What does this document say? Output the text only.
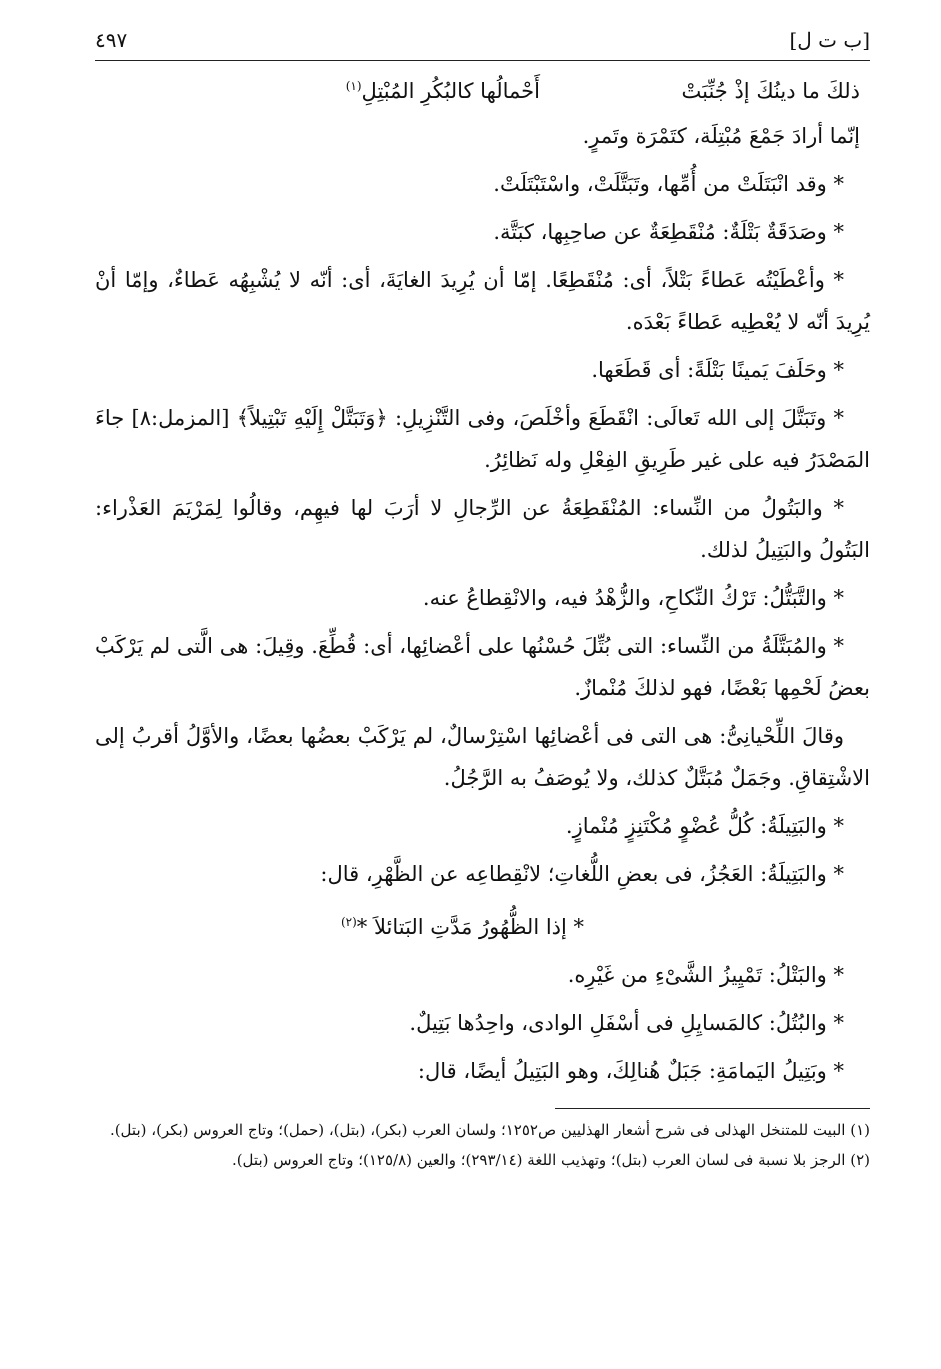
[ب ت ل]
٤٩٧
ذلكَ ما دينُكَ إذْ جُنِّبَتْ
أَحْمالُها كالبُكُرِ المُبْتِلِ$^{(١)}$

إنّما أرادَ جَمْعَ مُبْتِلَة، كتَمْرَة وتَمرٍ.

* وقد انْبَتَلَتْ من أُمِّها، وتَبَتَّلَتْ، واسْتَبْتَلَتْ.

* وصَدَقَةٌ بَتْلَةٌ: مُنْقَطِعَةٌ عن صاحِبِها، كبَتَّة.

* وأعْطَيْتُه عَطاءً بَتْلاً، أى: مُنْقَطِعًا. إمّا أن يُرِيدَ الغايَةَ، أى: أنّه لا يُشْبِهُه عَطاءٌ، وإمّا أنْ يُرِيدَ أنّه لا يُعْطِيه عَطاءً بَعْدَه.

* وحَلَفَ يَمينًا بَتْلَةً: أى قَطَعَها.

* وتَبَتَّلَ إلى الله تَعالَى: انْقَطَعَ وأخْلَصَ، وفى التَّنْزِيلِ: ﴿وَتَبَتَّلْ إِلَيْهِ تَبْتِيلاً﴾ [المزمل:٨] جاءَ المَصْدَرُ فيه على غير طَرِيقِ الفِعْلِ وله نَظائِرُ.

* والبَتُولُ من النِّساء: المُنْقَطِعَةُ عن الرِّجالِ لا أرَبَ لها فيهِم، وقالُوا لِمَرْيَمَ العَذْراء: البَتُولُ والبَتِيلُ لذلك.

* والتَّبَتُّلُ: تَرْكُ النِّكاحِ، والزُّهْدُ فيه، والانْقِطاعُ عنه.

* والمُبَتَّلَةُ من النِّساء: التى بُتِّلَ حُسْنُها على أعْضائِها، أى: قُطِّعَ. وقِيلَ: هى الَّتى لم يَرْكَبْ بعضُ لَحْمِها بَعْضًا، فهو لذلكَ مُنْمازٌ.

وقالَ اللِّحْيانِىُّ: هى التى فى أعْضائِها اسْتِرْسالٌ، لم يَرْكَبْ بعضُها بعضًا، والأوَّلُ أقربُ إلى الاشْتِقاقِ. وجَمَلٌ مُبَتَّلٌ كذلك، ولا يُوصَفُ به الرَّجُلُ.

* والبَتِيلَةُ: كُلُّ عُضْوٍ مُكْتَنِزٍ مُنْمازٍ.

* والبَتِيلَةُ: العَجُزُ، فى بعضِ اللُّغاتِ؛ لانْقِطاعِه عن الظَّهْرِ، قال:

* إذا الظُّهُورُ مَدَّتِ البَتائلاَ *$^{(٢)}$

* والبَتْلُ: تَمْيِيزُ الشَّىْءِ من غَيْرِه.

* والبُتُلُ: كالمَسايِلِ فى أسْفَلِ الوادى، واحِدُها بَتِيلٌ.

* وبَتِيلُ اليَمامَةِ: جَبَلٌ هُنالِكَ، وهو البَتِيلُ أيضًا، قال:

(١) البيت للمتنخل الهذلى فى شرح أشعار الهذليين ص١٢٥٢؛ ولسان العرب (بكر)، (بتل)، (حمل)؛ وتاج العروس (بكر)، (بتل).

(٢) الرجز بلا نسبة فى لسان العرب (بتل)؛ وتهذيب اللغة (٢٩٣/١٤)؛ والعين (١٢٥/٨)؛ وتاج العروس (بتل).
